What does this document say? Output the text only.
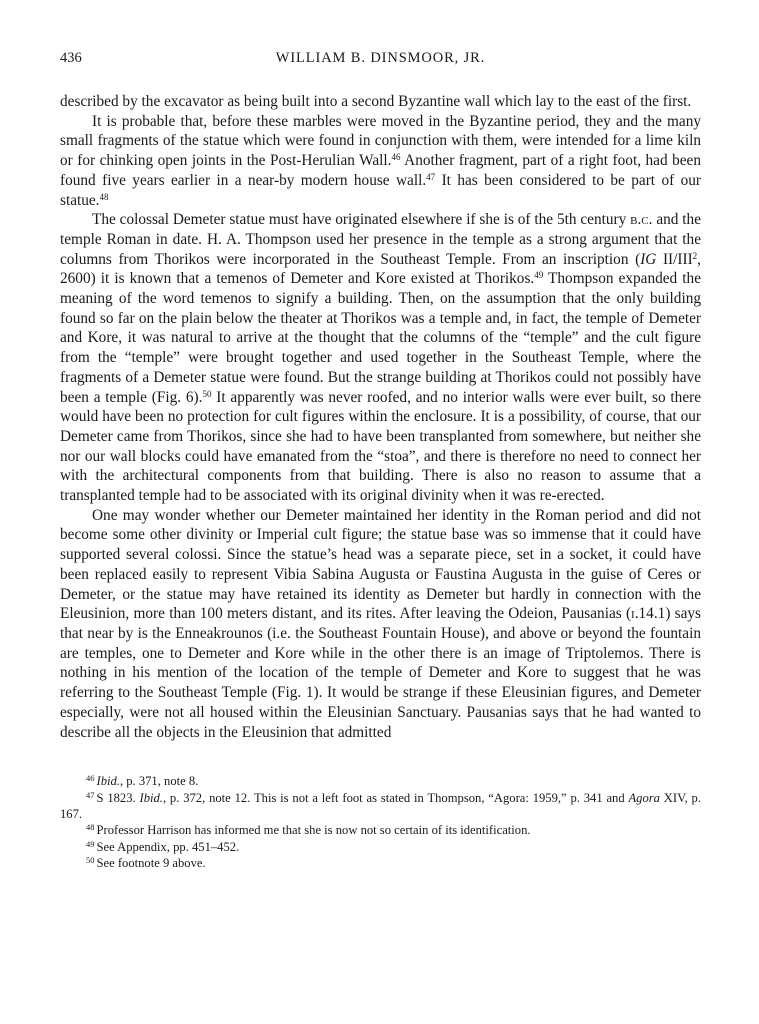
436	WILLIAM B. DINSMOOR, JR.

described by the excavator as being built into a second Byzantine wall which lay to the east of the first.

It is probable that, before these marbles were moved in the Byzantine period, they and the many small fragments of the statue which were found in conjunction with them, were intended for a lime kiln or for chinking open joints in the Post-Herulian Wall.$^{46}$ Another fragment, part of a right foot, had been found five years earlier in a near-by modern house wall.$^{47}$ It has been considered to be part of our statue.$^{48}$

The colossal Demeter statue must have originated elsewhere if she is of the 5th century b.c. and the temple Roman in date. H. A. Thompson used her presence in the temple as a strong argument that the columns from Thorikos were incorporated in the Southeast Temple. From an inscription (IG II/III$^2$, 2600) it is known that a temenos of Demeter and Kore existed at Thorikos.$^{49}$ Thompson expanded the meaning of the word temenos to signify a building. Then, on the assumption that the only building found so far on the plain below the theater at Thorikos was a temple and, in fact, the temple of Demeter and Kore, it was natural to arrive at the thought that the columns of the “temple” and the cult figure from the “temple” were brought together and used together in the Southeast Temple, where the fragments of a Demeter statue were found. But the strange building at Thorikos could not possibly have been a temple (Fig. 6).$^{50}$ It apparently was never roofed, and no interior walls were ever built, so there would have been no protection for cult figures within the enclosure. It is a possibility, of course, that our Demeter came from Thorikos, since she had to have been transplanted from somewhere, but neither she nor our wall blocks could have emanated from the “stoa”, and there is therefore no need to connect her with the architectural components from that building. There is also no reason to assume that a transplanted temple had to be associated with its original divinity when it was re-erected.

One may wonder whether our Demeter maintained her identity in the Roman period and did not become some other divinity or Imperial cult figure; the statue base was so immense that it could have supported several colossi. Since the statue’s head was a separate piece, set in a socket, it could have been replaced easily to represent Vibia Sabina Augusta or Faustina Augusta in the guise of Ceres or Demeter, or the statue may have retained its identity as Demeter but hardly in connection with the Eleusinion, more than 100 meters distant, and its rites. After leaving the Odeion, Pausanias (i.14.1) says that near by is the Enneakrounos (i.e. the Southeast Fountain House), and above or beyond the fountain are temples, one to Demeter and Kore while in the other there is an image of Triptolemos. There is nothing in his mention of the location of the temple of Demeter and Kore to suggest that he was referring to the Southeast Temple (Fig. 1). It would be strange if these Eleusinian figures, and Demeter especially, were not all housed within the Eleusinian Sanctuary. Pausanias says that he had wanted to describe all the objects in the Eleusinion that admitted

$^{46}$ Ibid., p. 371, note 8.

$^{47}$ S 1823. Ibid., p. 372, note 12. This is not a left foot as stated in Thompson, “Agora: 1959,” p. 341 and Agora XIV, p. 167.

$^{48}$ Professor Harrison has informed me that she is now not so certain of its identification.

$^{49}$ See Appendix, pp. 451–452.

$^{50}$ See footnote 9 above.
